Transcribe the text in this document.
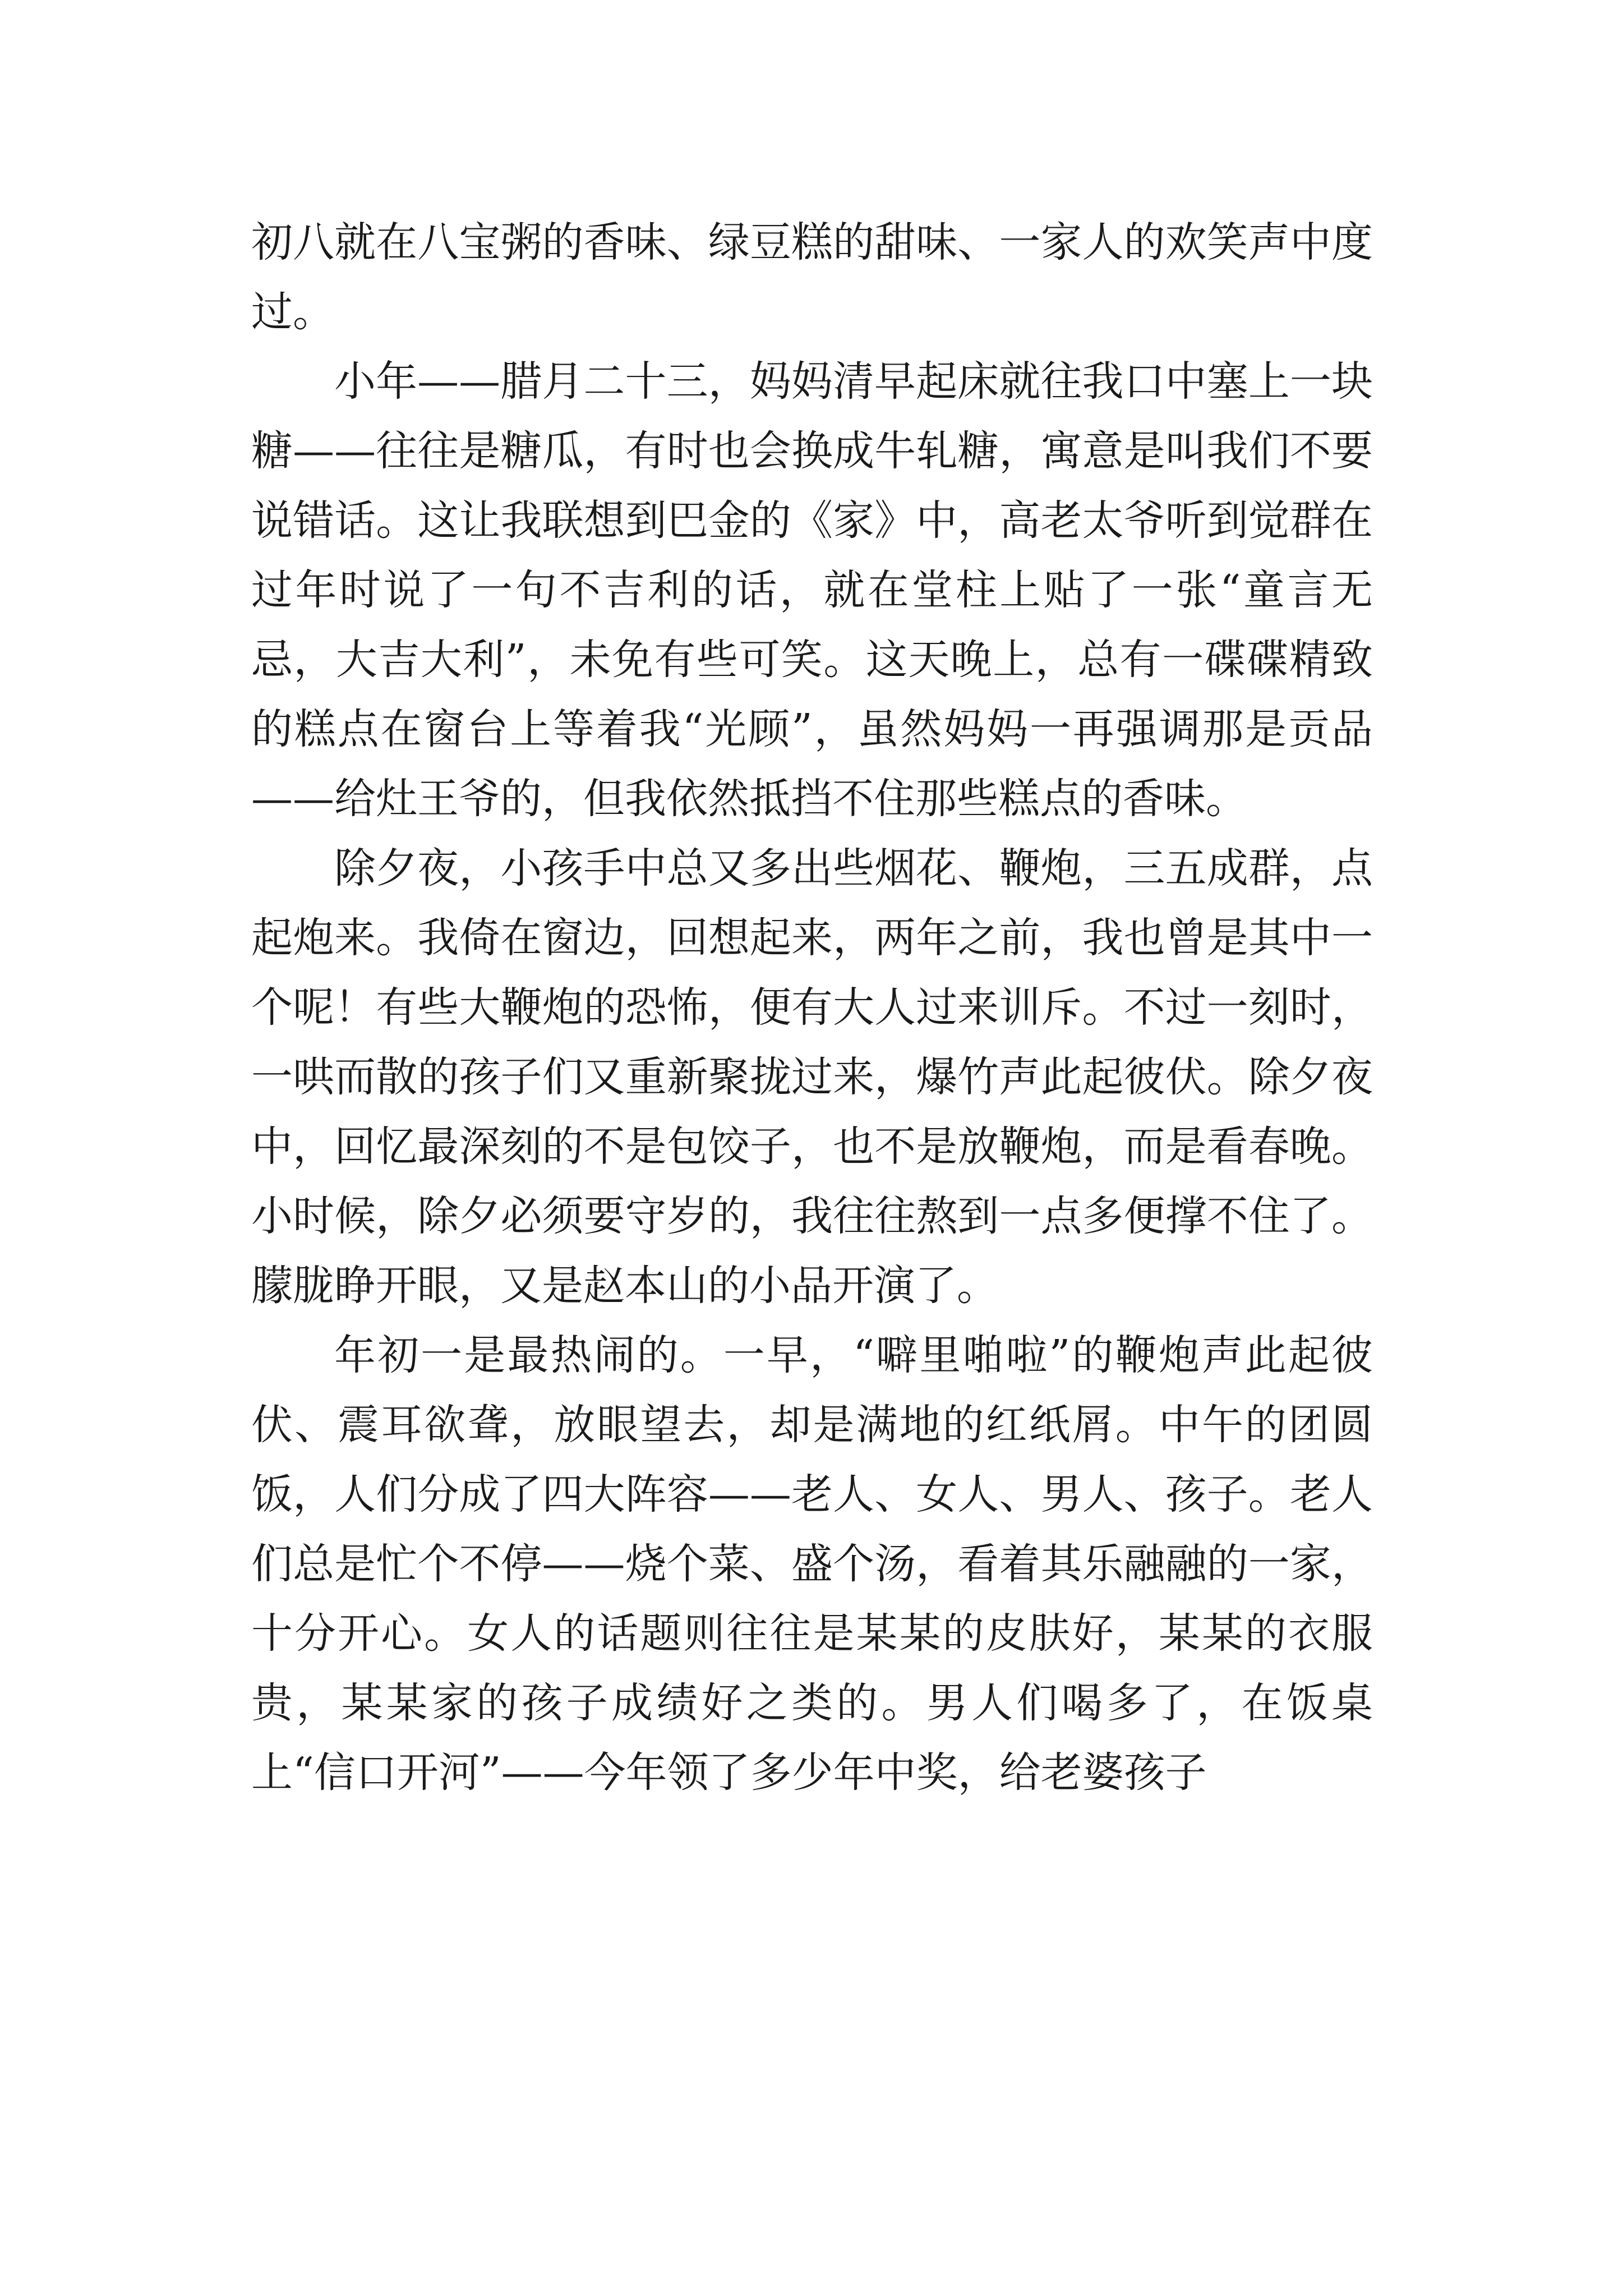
初八就在八宝粥的香味、绿豆糕的甜味、一家人的欢笑声中度过。

小年——腊月二十三，妈妈清早起床就往我口中塞上一块糖——往往是糖瓜，有时也会换成牛轧糖，寓意是叫我们不要说错话。这让我联想到巴金的《家》中，高老太爷听到觉群在过年时说了一句不吉利的话，就在堂柱上贴了一张“童言无忌，大吉大利”，未免有些可笑。这天晚上，总有一碟碟精致的糕点在窗台上等着我“光顾”，虽然妈妈一再强调那是贡品——给灶王爷的，但我依然抵挡不住那些糕点的香味。

除夕夜，小孩手中总又多出些烟花、鞭炮，三五成群，点起炮来。我倚在窗边，回想起来，两年之前，我也曾是其中一个呢！有些大鞭炮的恐怖，便有大人过来训斥。不过一刻时，一哄而散的孩子们又重新聚拢过来，爆竹声此起彼伏。除夕夜中，回忆最深刻的不是包饺子，也不是放鞭炮，而是看春晚。小时候，除夕必须要守岁的，我往往熬到一点多便撑不住了。朦胧睁开眼，又是赵本山的小品开演了。

年初一是最热闹的。一早，“噼里啪啦”的鞭炮声此起彼伏、震耳欲聋，放眼望去，却是满地的红纸屑。中午的团圆饭，人们分成了四大阵容——老人、女人、男人、孩子。老人们总是忙个不停——烧个菜、盛个汤，看着其乐融融的一家，十分开心。女人的话题则往往是某某的皮肤好，某某的衣服贵，某某家的孩子成绩好之类的。男人们喝多了，在饭桌上“信口开河”——今年领了多少年中奖，给老婆孩子
